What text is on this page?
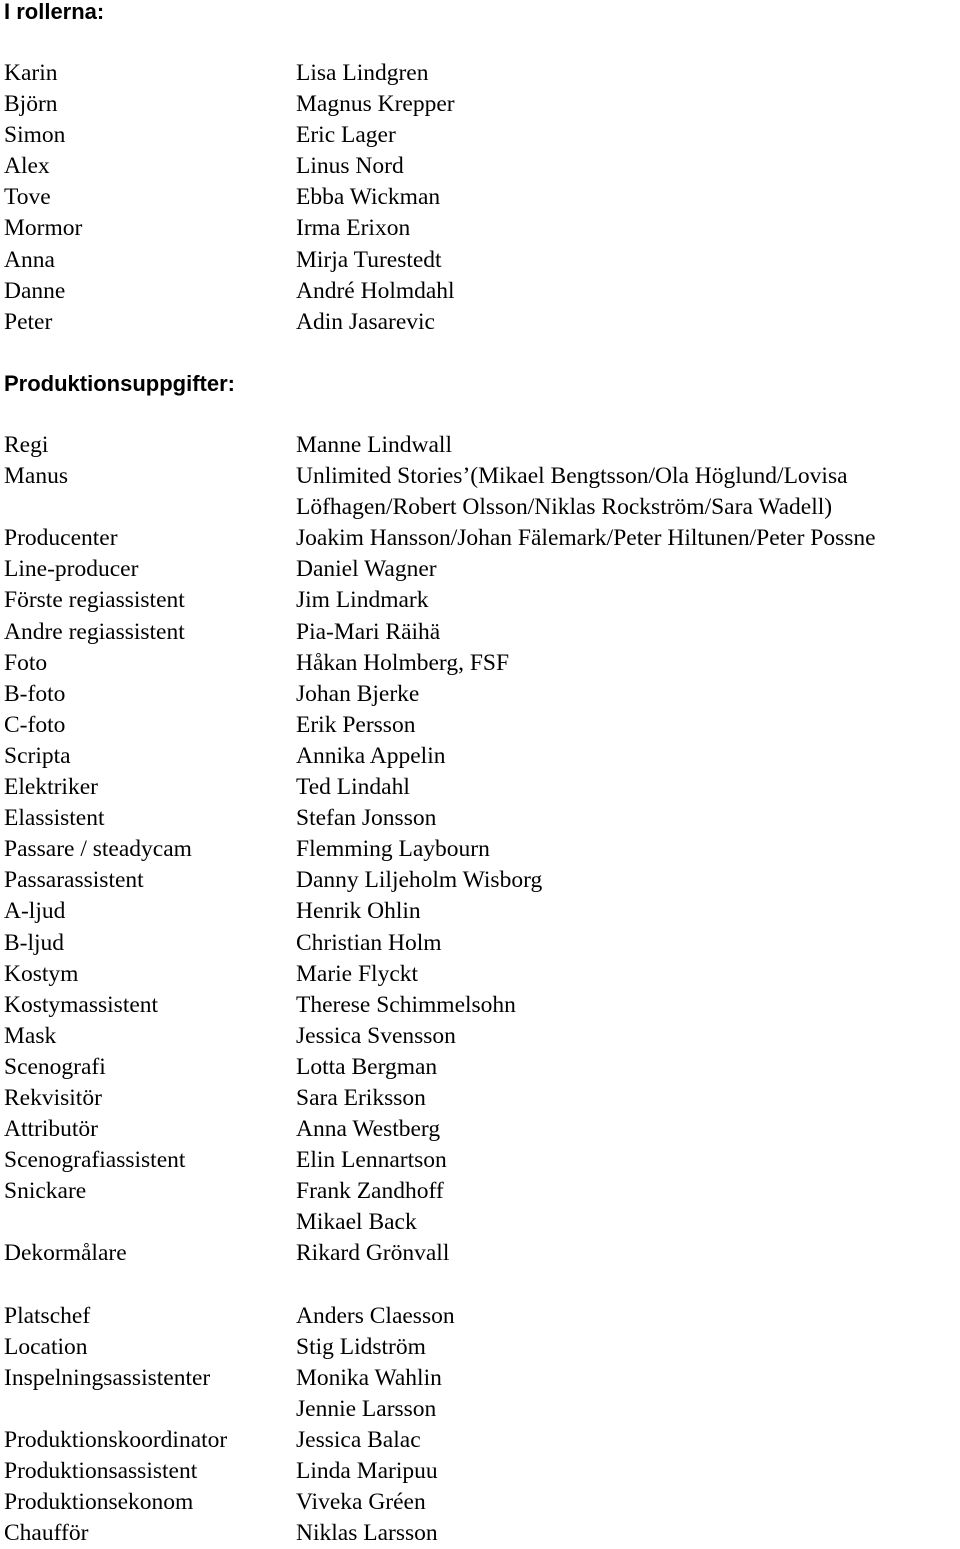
I rollerna:
Karin	Lisa Lindgren
Björn	Magnus Krepper
Simon	Eric Lager
Alex	Linus Nord
Tove	Ebba Wickman
Mormor	Irma Erixon
Anna	Mirja Turestedt
Danne	André Holmdahl
Peter	Adin Jasarevic
Produktionsuppgifter:
Regi	Manne Lindwall
Manus	Unlimited Stories’(Mikael Bengtsson/Ola Höglund/Lovisa
Löfhagen/Robert Olsson/Niklas Rockström/Sara Wadell)
Producenter	Joakim Hansson/Johan Fälemark/Peter Hiltunen/Peter Possne
Line-producer	Daniel Wagner
Förste regiassistent	Jim Lindmark
Andre regiassistent	Pia-Mari Räihä
Foto	Håkan Holmberg, FSF
B-foto	Johan Bjerke
C-foto	Erik Persson
Scripta	Annika Appelin
Elektriker	Ted Lindahl
Elassistent	Stefan Jonsson
Passare / steadycam	Flemming Laybourn
Passarassistent	Danny Liljeholm Wisborg
A-ljud	Henrik Ohlin
B-ljud	Christian Holm
Kostym	Marie Flyckt
Kostymassistent	Therese Schimmelsohn
Mask	Jessica Svensson
Scenografi	Lotta Bergman
Rekvisitör	Sara Eriksson
Attributör	Anna Westberg
Scenografiassistent	Elin Lennartson
Snickare	Frank Zandhoff
Mikael Back
Dekormålare	Rikard Grönvall
Platschef	Anders Claesson
Location	Stig Lidström
Inspelningsassistenter	Monika Wahlin
Jennie Larsson
Produktionskoordinator	Jessica Balac
Produktionsassistent	Linda Maripuu
Produktionsekonom	Viveka Gréen
Chaufför	Niklas Larsson
